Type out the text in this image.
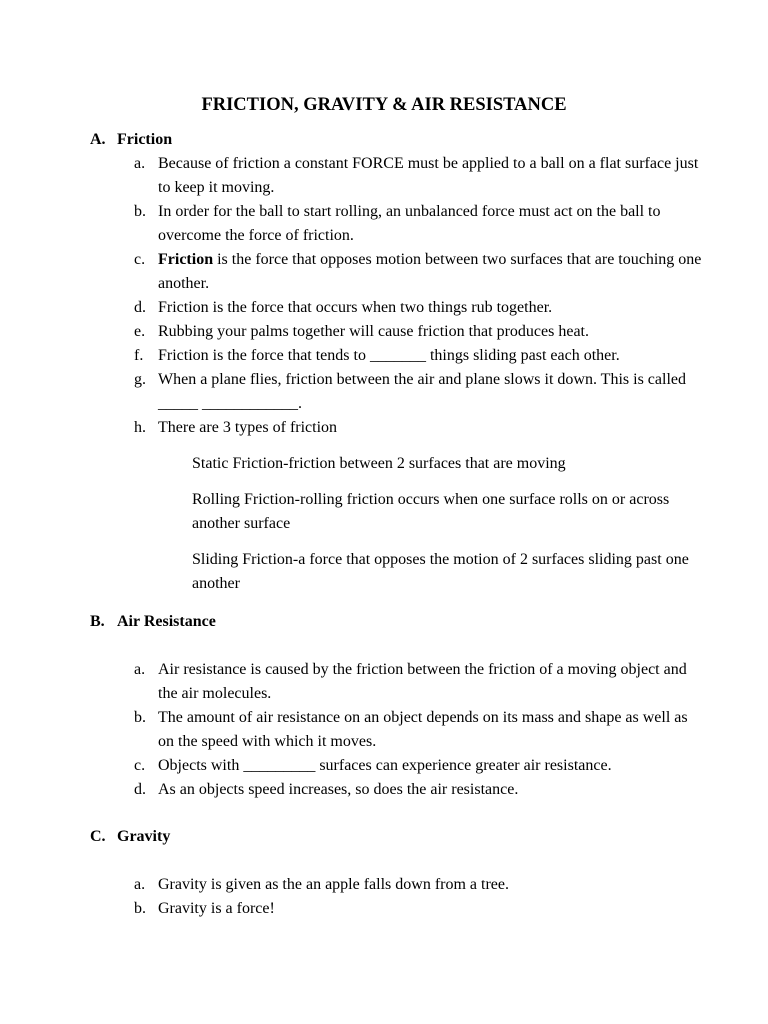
FRICTION, GRAVITY & AIR RESISTANCE
A. Friction
a. Because of friction a constant FORCE must be applied to a ball on a flat surface just to keep it moving.
b. In order for the ball to start rolling, an unbalanced force must act on the ball to overcome the force of friction.
c. Friction is the force that opposes motion between two surfaces that are touching one another.
d. Friction is the force that occurs when two things rub together.
e. Rubbing your palms together will cause friction that produces heat.
f. Friction is the force that tends to _______ things sliding past each other.
g. When a plane flies, friction between the air and plane slows it down. This is called _____ ____________.
h. There are 3 types of friction

Static Friction-friction between 2 surfaces that are moving

Rolling Friction-rolling friction occurs when one surface rolls on or across another surface

Sliding Friction-a force that opposes the motion of 2 surfaces sliding past one another

B. Air Resistance
a. Air resistance is caused by the friction between the friction of a moving object and the air molecules.
b. The amount of air resistance on an object depends on its mass and shape as well as on the speed with which it moves.
c. Objects with _________ surfaces can experience greater air resistance.
d. As an objects speed increases, so does the air resistance.
C. Gravity
a. Gravity is given as the an apple falls down from a tree.
b. Gravity is a force!
